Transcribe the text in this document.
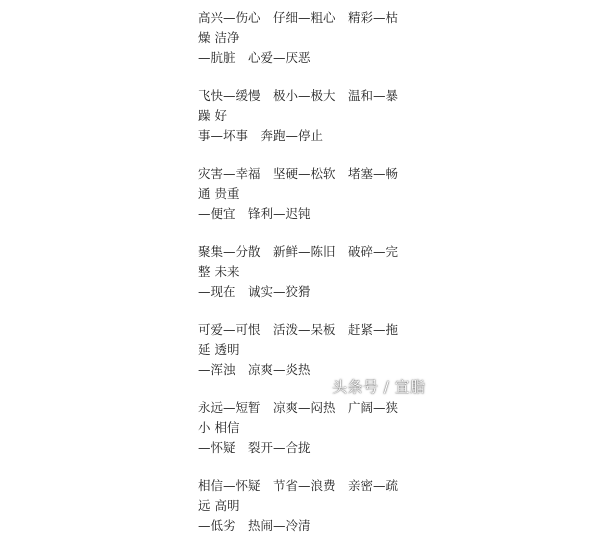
高兴—伤心　仔细—粗心　精彩—枯燥 洁净
—肮脏　心爱—厌恶
飞快—缓慢　极小—极大　温和—暴躁 好
事—坏事　奔跑—停止
灾害—幸福　坚硬—松软　堵塞—畅通 贵重
—便宜　锋利—迟钝
聚集—分散　新鲜—陈旧　破碎—完整 未来
—现在　诚实—狡猾
可爱—可恨　活泼—呆板　赶紧—拖延 透明
—浑浊　凉爽—炎热
永远—短暂　凉爽—闷热　广阔—狭小 相信
—怀疑　裂开—合拢
相信—怀疑　节省—浪费　亲密—疏远 高明
—低劣　热闹—冷清
头条号 / 宣脂
